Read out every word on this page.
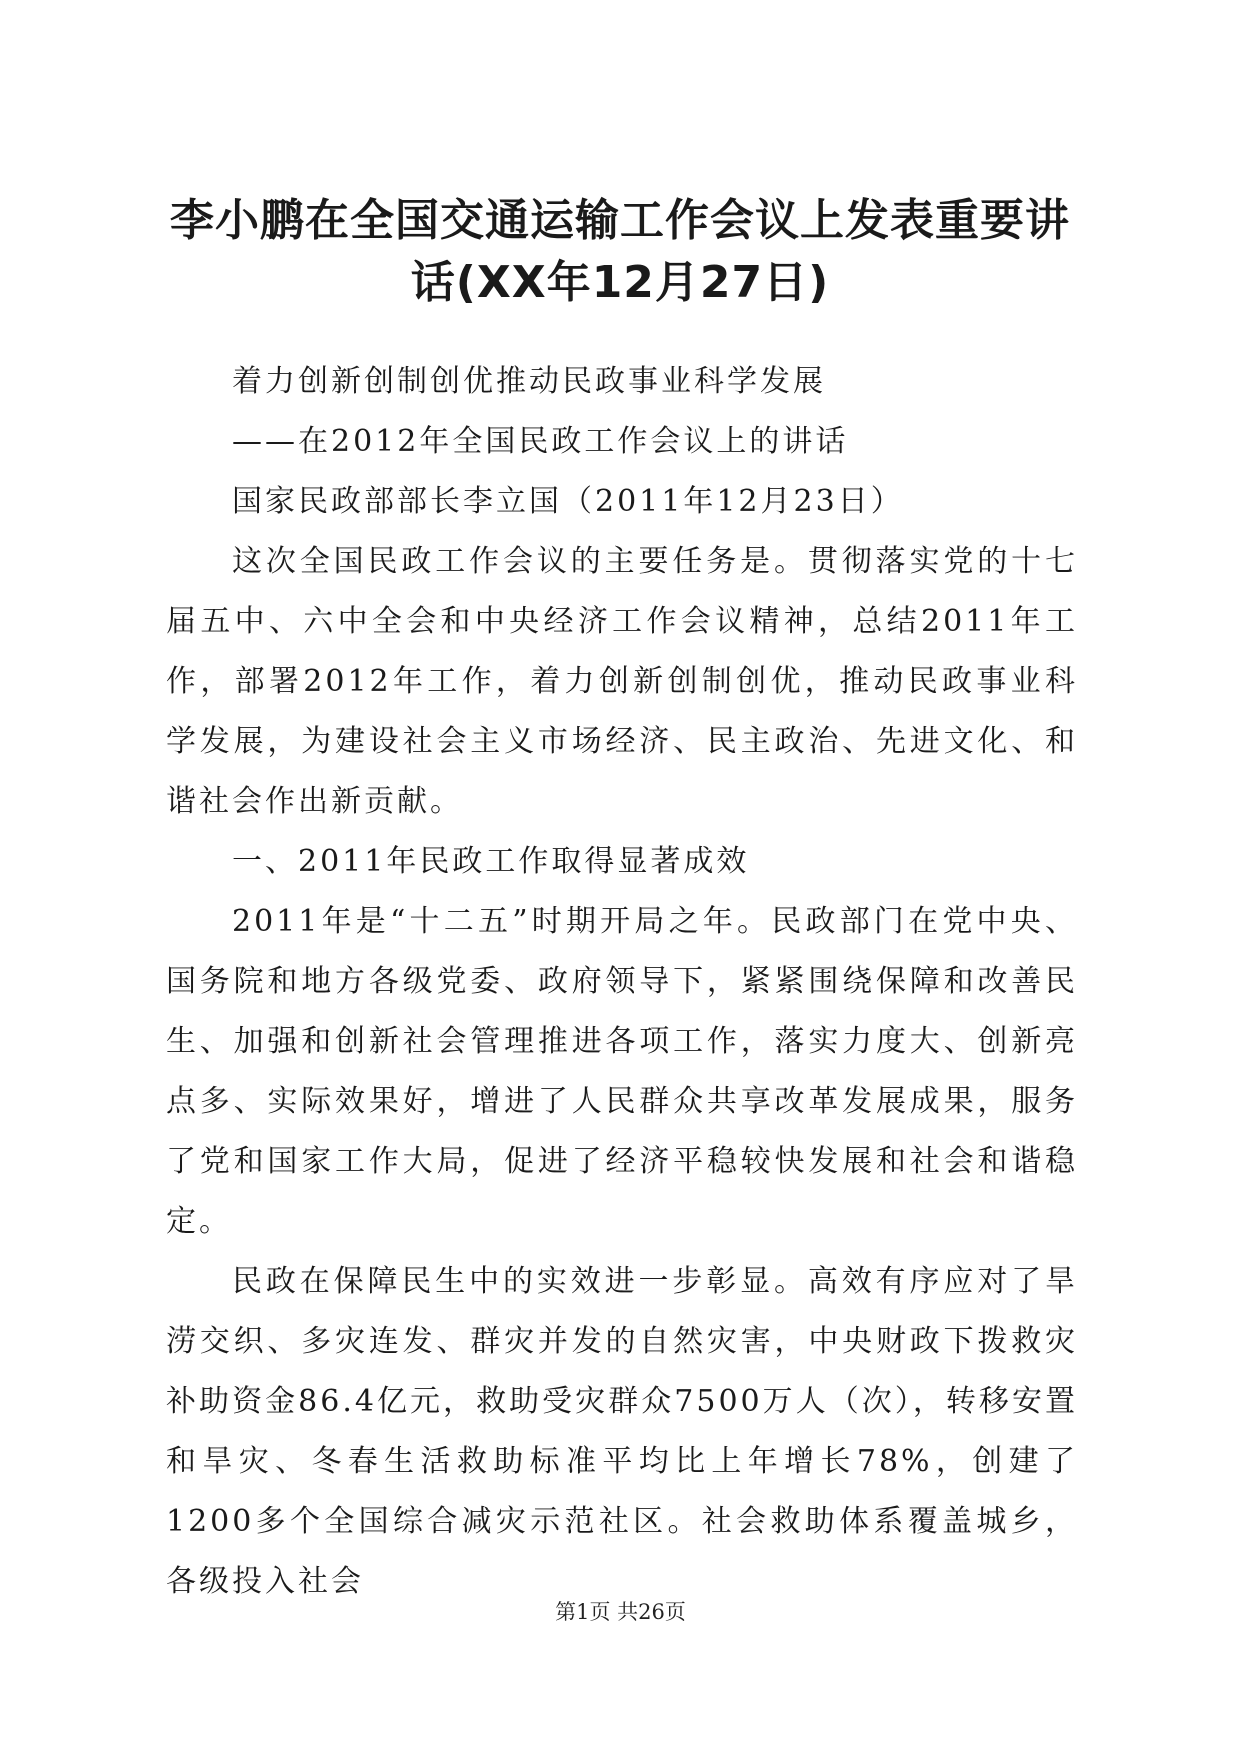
李小鹏在全国交通运输工作会议上发表重要讲话(XX年12月27日)

着力创新创制创优推动民政事业科学发展

——在2012年全国民政工作会议上的讲话

国家民政部部长李立国（2011年12月23日）

这次全国民政工作会议的主要任务是。贯彻落实党的十七届五中、六中全会和中央经济工作会议精神，总结2011年工作，部署2012年工作，着力创新创制创优，推动民政事业科学发展，为建设社会主义市场经济、民主政治、先进文化、和谐社会作出新贡献。

一、2011年民政工作取得显著成效

2011年是“十二五”时期开局之年。民政部门在党中央、国务院和地方各级党委、政府领导下，紧紧围绕保障和改善民生、加强和创新社会管理推进各项工作，落实力度大、创新亮点多、实际效果好，增进了人民群众共享改革发展成果，服务了党和国家工作大局，促进了经济平稳较快发展和社会和谐稳定。

民政在保障民生中的实效进一步彰显。高效有序应对了旱涝交织、多灾连发、群灾并发的自然灾害，中央财政下拨救灾补助资金86.4亿元，救助受灾群众7500万人（次），转移安置和旱灾、冬春生活救助标准平均比上年增长78%，创建了1200多个全国综合减灾示范社区。社会救助体系覆盖城乡，各级投入社会

第1页 共26页
